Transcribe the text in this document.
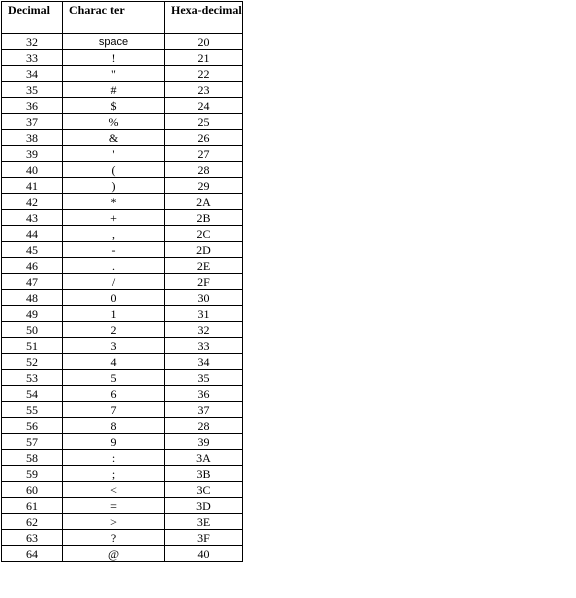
Decimal	Charac ter	Hexa-decimal
32	space	20
33	!	21
34	"	22
35	#	23
36	$	24
37	%	25
38	&	26
39	'	27
40	(	28
41	)	29
42	*	2A
43	+	2B
44	,	2C
45	-	2D
46	.	2E
47	/	2F
48	0	30
49	1	31
50	2	32
51	3	33
52	4	34
53	5	35
54	6	36
55	7	37
56	8	28
57	9	39
58	:	3A
59	;	3B
60	<	3C
61	=	3D
62	>	3E
63	?	3F
64	@	40
